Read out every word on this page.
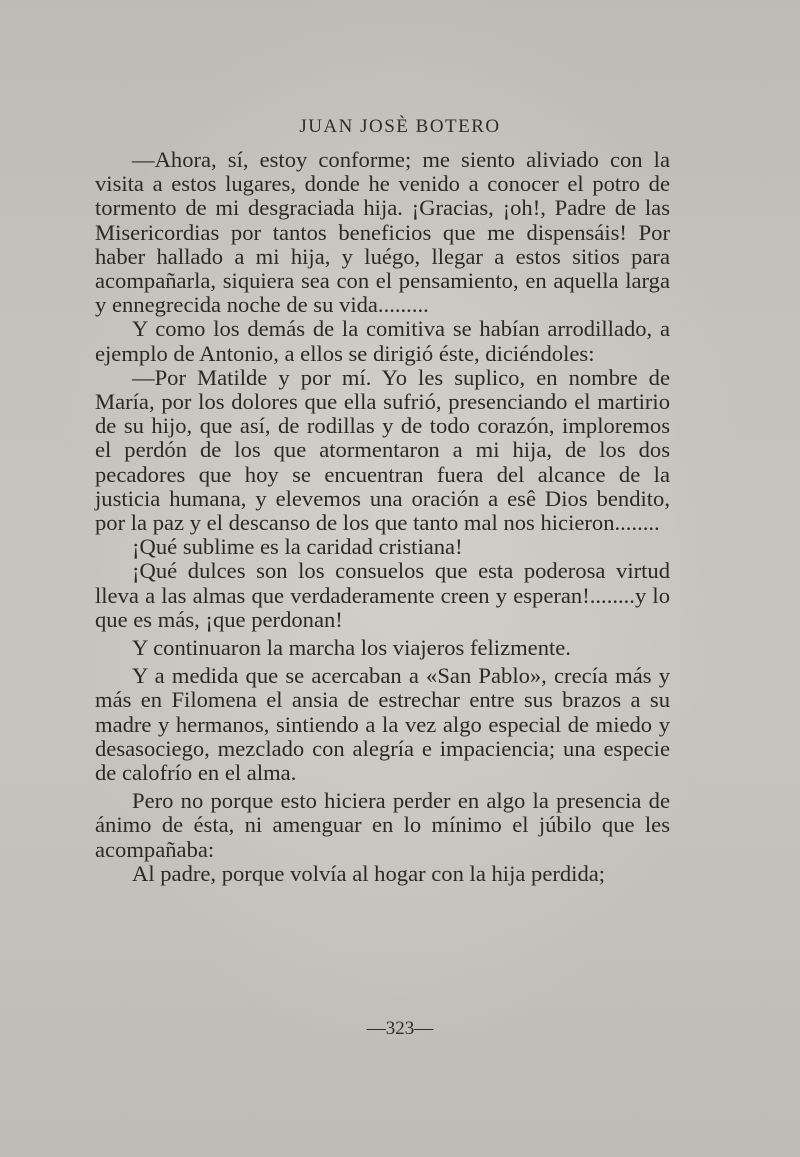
JUAN JOSÈ BOTERO

—Ahora, sí, estoy conforme; me siento aliviado con la visita a estos lugares, donde he venido a conocer el potro de tormento de mi desgraciada hija. ¡Gracias, ¡oh!, Padre de las Misericordias por tantos beneficios que me dispensáis! Por haber hallado a mi hija, y luégo, llegar a estos sitios para acompañarla, siquiera sea con el pensamiento, en aquella larga y ennegrecida noche de su vida.........

Y como los demás de la comitiva se habían arrodillado, a ejemplo de Antonio, a ellos se dirigió éste, diciéndoles:

—Por Matilde y por mí. Yo les suplico, en nombre de María, por los dolores que ella sufrió, presenciando el martirio de su hijo, que así, de rodillas y de todo corazón, imploremos el perdón de los que atormentaron a mi hija, de los dos pecadores que hoy se encuentran fuera del alcance de la justicia humana, y elevemos una oración a esê Dios bendito, por la paz y el descanso de los que tanto mal nos hicieron........

¡Qué sublime es la caridad cristiana!

¡Qué dulces son los consuelos que esta poderosa virtud lleva a las almas que verdaderamente creen y esperan!........y lo que es más, ¡que perdonan!

Y continuaron la marcha los viajeros felizmente.

Y a medida que se acercaban a «San Pablo», crecía más y más en Filomena el ansia de estrechar entre sus brazos a su madre y hermanos, sintiendo a la vez algo especial de miedo y desasociego, mezclado con alegría e impaciencia; una especie de calofrío en el alma.

Pero no porque esto hiciera perder en algo la presencia de ánimo de ésta, ni amenguar en lo mínimo el júbilo que les acompañaba:

Al padre, porque volvía al hogar con la hija perdida;

—323—
